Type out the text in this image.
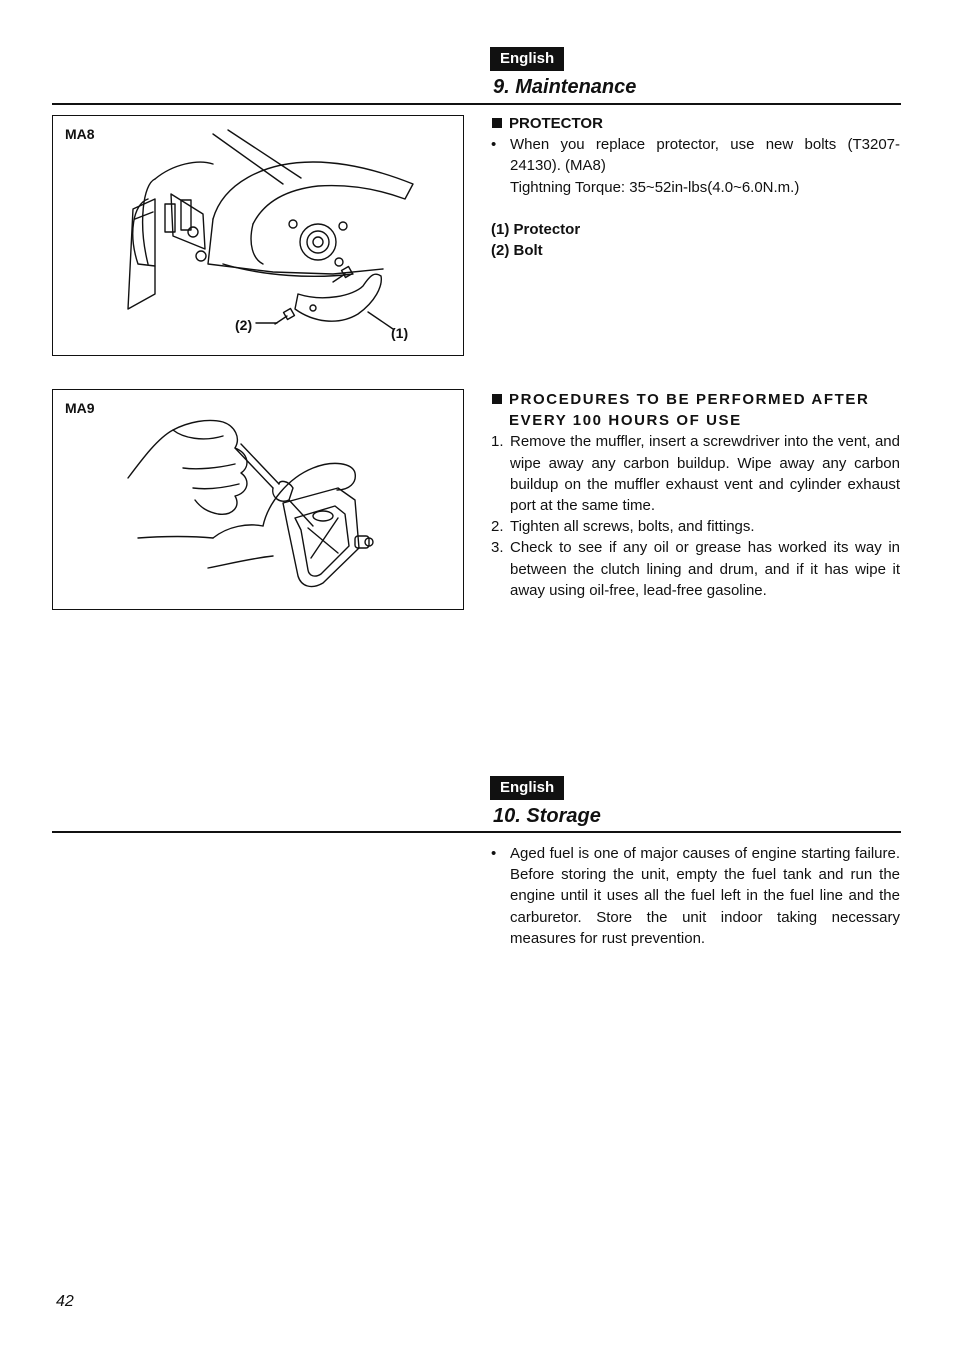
English
9. Maintenance
MA8
(2)	(1)
PROTECTOR
• When you replace protector, use new bolts (T3207-24130). (MA8)
Tightning Torque: 35~52in-lbs(4.0~6.0N.m.)
(1) Protector
(2) Bolt
MA9	PROCEDURES TO BE PERFORMED AFTER EVERY 100 HOURS OF USE
1. Remove the muffler, insert a screwdriver into the vent, and wipe away any carbon buildup. Wipe away any carbon buildup on the muffler exhaust vent and cylinder exhaust port at the same time.
2. Tighten all screws, bolts, and fittings.
3. Check to see if any oil or grease has worked its way in between the clutch lining and drum, and if it has wipe it away using oil-free, lead-free gasoline.
English
10. Storage
• Aged fuel is one of major causes of engine starting failure. Before storing the unit, empty the fuel tank and run the engine until it uses all the fuel left in the fuel line and the carburetor. Store the unit indoor taking necessary measures for rust prevention.
42
